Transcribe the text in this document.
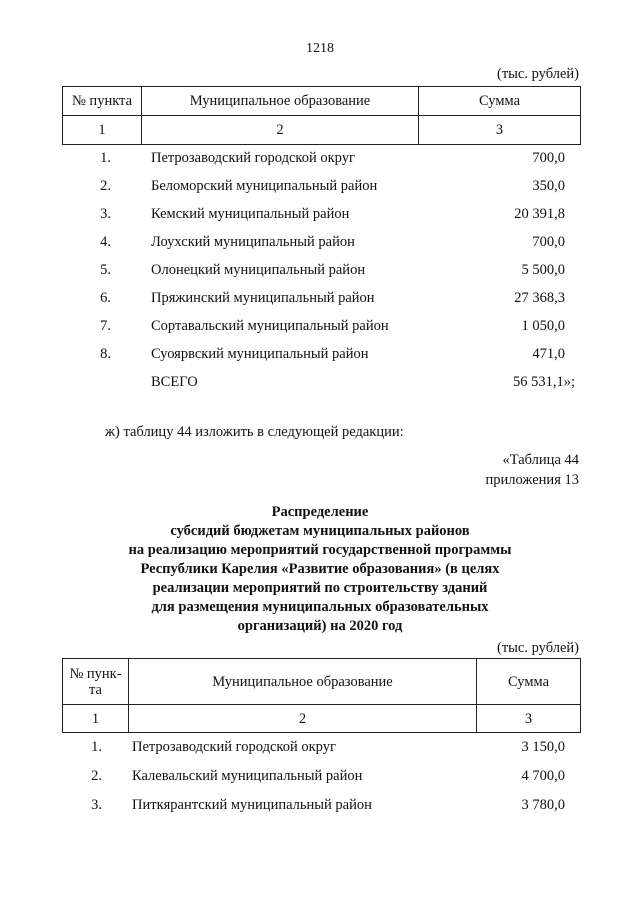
1218
(тыс. рублей)
№ пункта	Муниципальное образование	Сумма
1	2	3
1.	Петрозаводский городской округ	700,0
2.	Беломорский муниципальный район	350,0
3.	Кемский муниципальный район	20 391,8
4.	Лоухский муниципальный район	700,0
5.	Олонецкий муниципальный район	5 500,0
6.	Пряжинский муниципальный район	27 368,3
7.	Сортавальский муниципальный район	1 050,0
8.	Суоярвский муниципальный район	471,0
ВСЕГО	56 531,1»;
ж) таблицу 44 изложить в следующей редакции:
«Таблица 44
приложения 13
Распределение
субсидий бюджетам муниципальных районов
на реализацию мероприятий государственной программы
Республики Карелия «Развитие образования» (в целях
реализации мероприятий по строительству зданий
для размещения муниципальных образовательных
организаций) на 2020 год
(тыс. рублей)
№ пунк-
та	Муниципальное образование	Сумма
1	2	3
1. Петрозаводский городской округ	3 150,0
2. Калевальский муниципальный район	4 700,0
3. Питкярантский муниципальный район	3 780,0
